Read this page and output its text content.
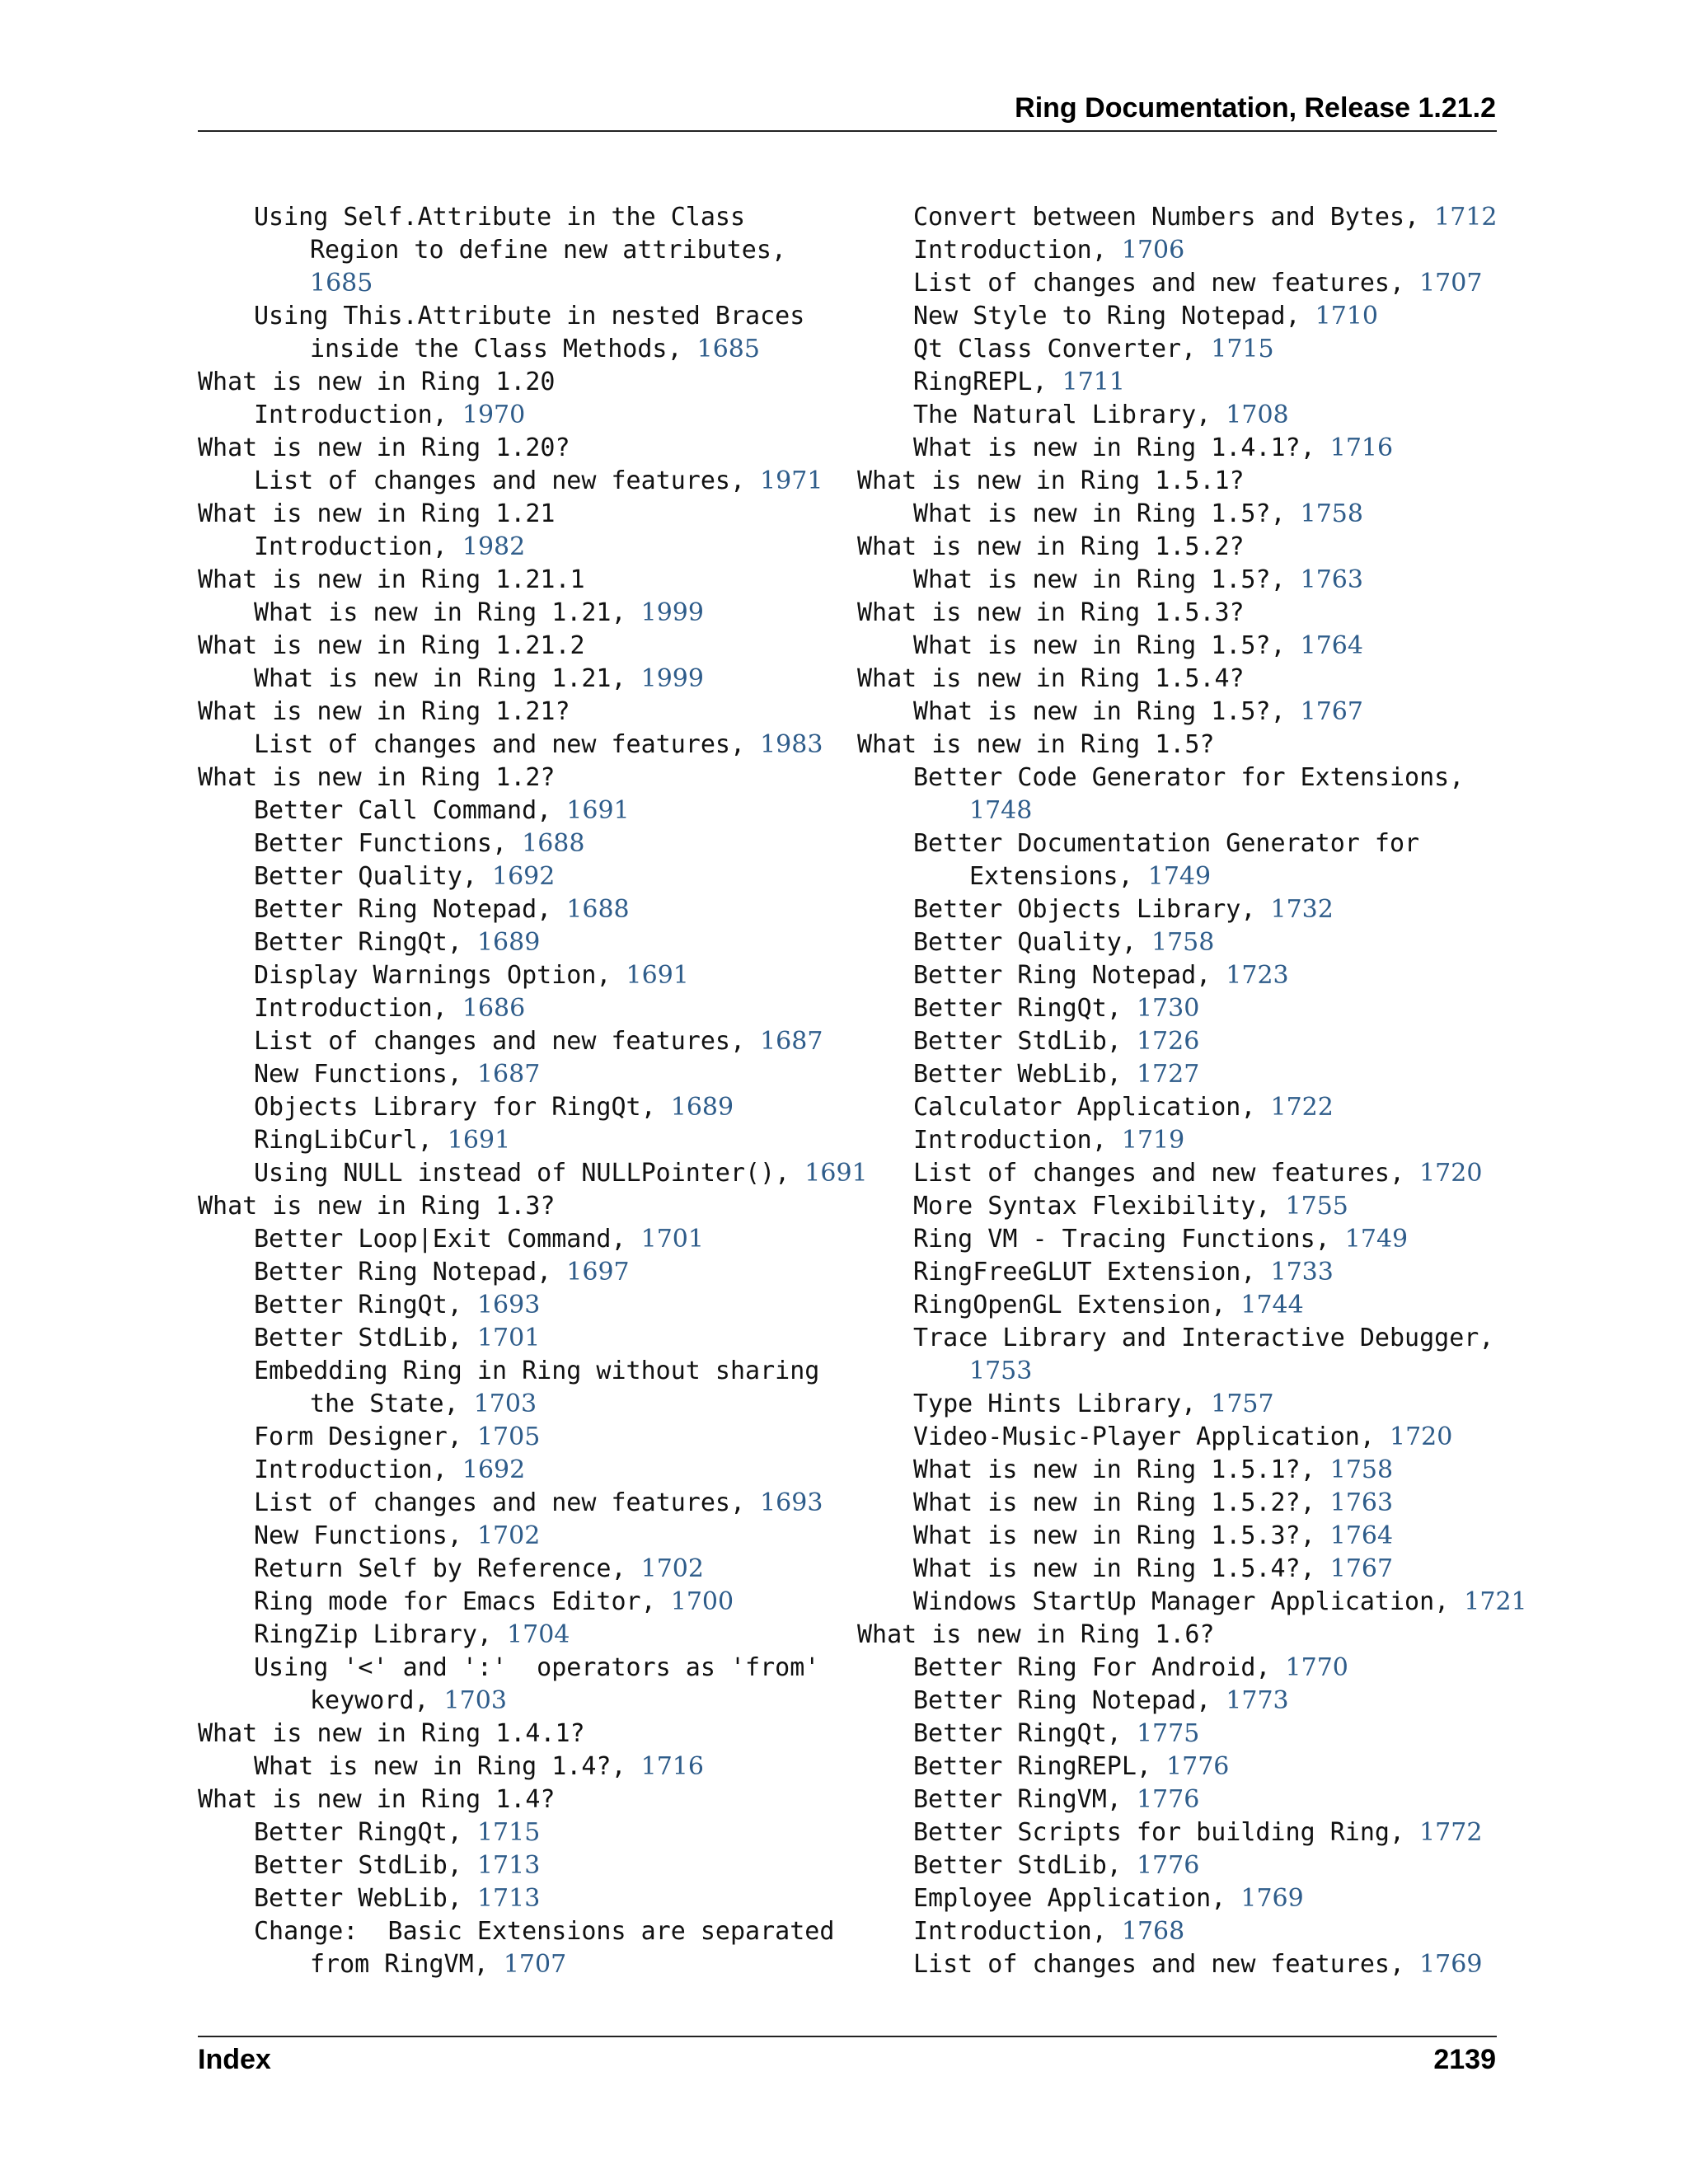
Ring Documentation, Release 1.21.2
Using Self.Attribute in the Class
Region to define new attributes,
1685
Using This.Attribute in nested Braces
inside the Class Methods, 1685
What is new in Ring 1.20
Introduction, 1970
What is new in Ring 1.20?
List of changes and new features, 1971
What is new in Ring 1.21
Introduction, 1982
What is new in Ring 1.21.1
What is new in Ring 1.21, 1999
What is new in Ring 1.21.2
What is new in Ring 1.21, 1999
What is new in Ring 1.21?
List of changes and new features, 1983
What is new in Ring 1.2?
Better Call Command, 1691
Better Functions, 1688
Better Quality, 1692
Better Ring Notepad, 1688
Better RingQt, 1689
Display Warnings Option, 1691
Introduction, 1686
List of changes and new features, 1687
New Functions, 1687
Objects Library for RingQt, 1689
RingLibCurl, 1691
Using NULL instead of NULLPointer(), 1691
What is new in Ring 1.3?
Better Loop|Exit Command, 1701
Better Ring Notepad, 1697
Better RingQt, 1693
Better StdLib, 1701
Embedding Ring in Ring without sharing
the State, 1703
Form Designer, 1705
Introduction, 1692
List of changes and new features, 1693
New Functions, 1702
Return Self by Reference, 1702
Ring mode for Emacs Editor, 1700
RingZip Library, 1704
Using '<' and ':'  operators as 'from'
keyword, 1703
What is new in Ring 1.4.1?
What is new in Ring 1.4?, 1716
What is new in Ring 1.4?
Better RingQt, 1715
Better StdLib, 1713
Better WebLib, 1713
Change:  Basic Extensions are separated
from RingVM, 1707
Convert between Numbers and Bytes, 1712
Introduction, 1706
List of changes and new features, 1707
New Style to Ring Notepad, 1710
Qt Class Converter, 1715
RingREPL, 1711
The Natural Library, 1708
What is new in Ring 1.4.1?, 1716
What is new in Ring 1.5.1?
What is new in Ring 1.5?, 1758
What is new in Ring 1.5.2?
What is new in Ring 1.5?, 1763
What is new in Ring 1.5.3?
What is new in Ring 1.5?, 1764
What is new in Ring 1.5.4?
What is new in Ring 1.5?, 1767
What is new in Ring 1.5?
Better Code Generator for Extensions,
1748
Better Documentation Generator for
Extensions, 1749
Better Objects Library, 1732
Better Quality, 1758
Better Ring Notepad, 1723
Better RingQt, 1730
Better StdLib, 1726
Better WebLib, 1727
Calculator Application, 1722
Introduction, 1719
List of changes and new features, 1720
More Syntax Flexibility, 1755
Ring VM - Tracing Functions, 1749
RingFreeGLUT Extension, 1733
RingOpenGL Extension, 1744
Trace Library and Interactive Debugger,
1753
Type Hints Library, 1757
Video-Music-Player Application, 1720
What is new in Ring 1.5.1?, 1758
What is new in Ring 1.5.2?, 1763
What is new in Ring 1.5.3?, 1764
What is new in Ring 1.5.4?, 1767
Windows StartUp Manager Application, 1721
What is new in Ring 1.6?
Better Ring For Android, 1770
Better Ring Notepad, 1773
Better RingQt, 1775
Better RingREPL, 1776
Better RingVM, 1776
Better Scripts for building Ring, 1772
Better StdLib, 1776
Employee Application, 1769
Introduction, 1768
List of changes and new features, 1769
Index	2139
